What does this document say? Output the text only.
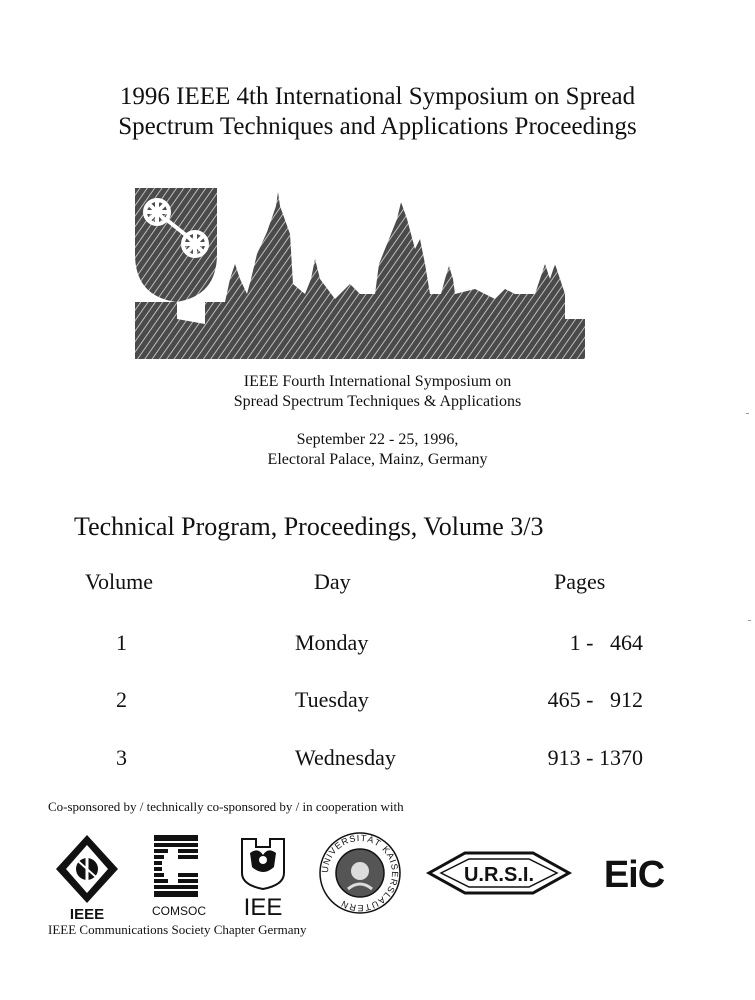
1996 IEEE 4th International Symposium on Spread
Spectrum Techniques and Applications Proceedings
IEEE Fourth International Symposium on
Spread Spectrum Techniques & Applications
September 22 - 25, 1996,
Electoral Palace, Mainz, Germany
Technical Program, Proceedings, Volume 3/3
Volume	Day	Pages
1	Monday	1 -   464
2	Tuesday	465 -   912
3	Wednesday	913 - 1370
Co-sponsored by / technically co-sponsored by / in cooperation with
IEEE	COMSOC IEE
UNIVERSITÄT KAISERSLAUTERN
U.R.S.I. EiC
IEEE Communications Society Chapter Germany
